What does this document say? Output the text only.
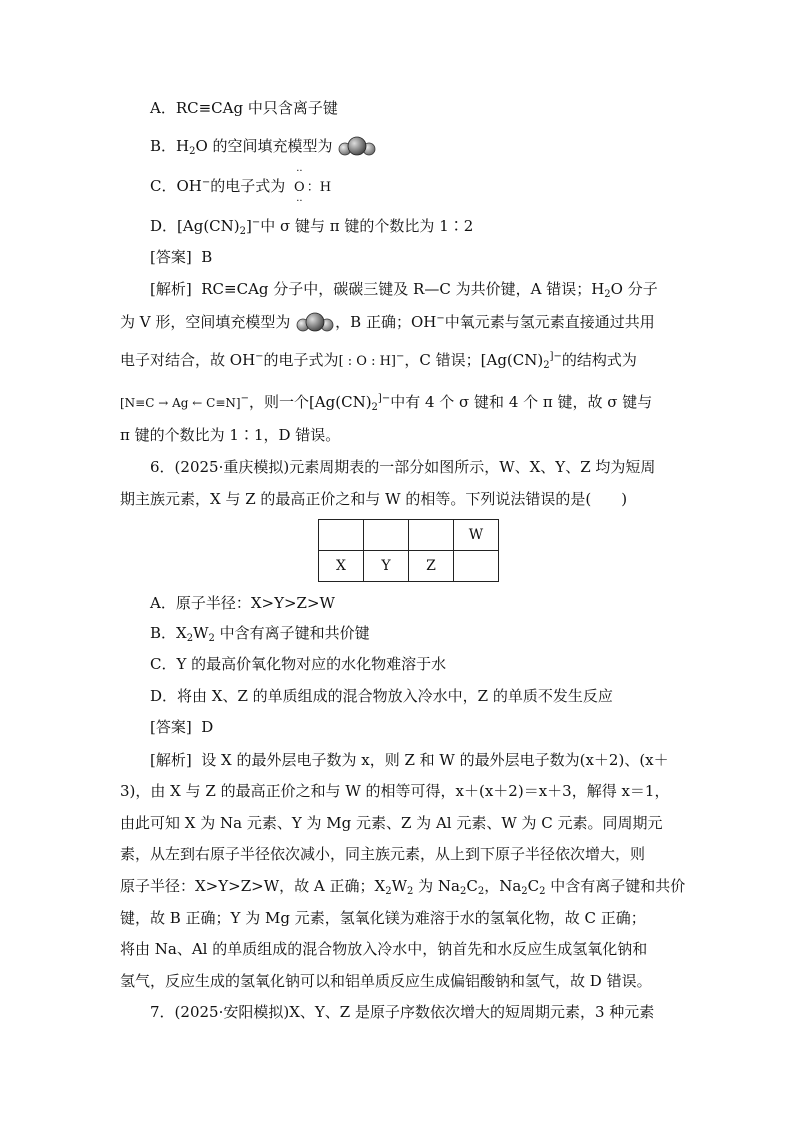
A．RC≡CAg 中只含离子键
B．$H_2O$ 的空间填充模型为
C．OH−的电子式为
··
O
··
：H
D．$[Ag(CN)_2]^-$中 σ 键与 π 键的个数比为 1∶2
[答案] B
[解析] RC≡CAg 分子中，碳碳三键及 R—C 为共价键，A 错误；$H_2O$ 分子
为 V 形，空间填充模型为	，B 正确；OH−中氧元素与氢元素直接通过共用
电子对结合，故 OH−的电子式为[ : O : H]−，C 错误；[$Ag(CN)_2^{]-}$的结构式为
[N≡C → Ag ← C≡N]−，则一个[$Ag(CN)_2^{]-}$中有 4 个 σ 键和 4 个 π 键，故 σ 键与
π 键的个数比为 1∶1，D 错误。
6．(2025·重庆模拟)元素周期表的一部分如图所示，W、X、Y、Z 均为短周
期主族元素，X 与 Z 的最高正价之和与 W 的相等。下列说法错误的是(　　)
			W
X	Y	Z	
A．原子半径：X>Y>Z>W
B．$X_2W_2$ 中含有离子键和共价键
C．Y 的最高价氧化物对应的水化物难溶于水
D．将由 X、Z 的单质组成的混合物放入冷水中，Z 的单质不发生反应
[答案] D
[解析] 设 X 的最外层电子数为 x，则 Z 和 W 的最外层电子数为(x＋2)、(x＋
3)，由 X 与 Z 的最高正价之和与 W 的相等可得，x＋(x＋2)＝x＋3，解得 x＝1，
由此可知 X 为 Na 元素、Y 为 Mg 元素、Z 为 Al 元素、W 为 C 元素。同周期元
素，从左到右原子半径依次减小，同主族元素，从上到下原子半径依次增大，则
原子半径：X>Y>Z>W，故 A 正确；$X_2W_2$ 为 $Na_2C_2$，$Na_2C_2$ 中含有离子键和共价
键，故 B 正确；Y 为 Mg 元素，氢氧化镁为难溶于水的氢氧化物，故 C 正确；
将由 Na、Al 的单质组成的混合物放入冷水中，钠首先和水反应生成氢氧化钠和
氢气，反应生成的氢氧化钠可以和铝单质反应生成偏铝酸钠和氢气，故 D 错误。
7．(2025·安阳模拟)X、Y、Z 是原子序数依次增大的短周期元素，3 种元素
